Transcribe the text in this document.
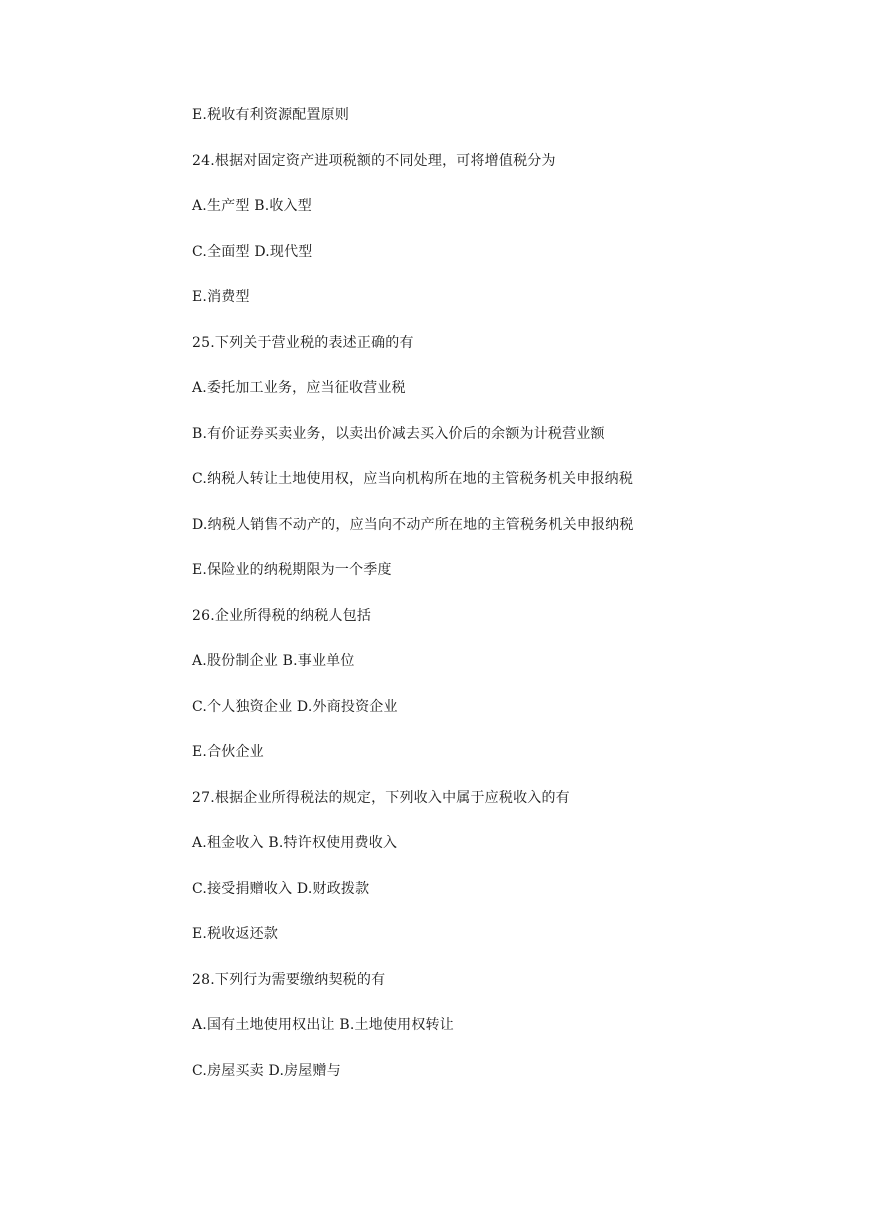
E.税收有利资源配置原则
24.根据对固定资产进项税额的不同处理，可将增值税分为
A.生产型 B.收入型
C.全面型 D.现代型
E.消费型
25.下列关于营业税的表述正确的有
A.委托加工业务，应当征收营业税
B.有价证券买卖业务，以卖出价减去买入价后的余额为计税营业额
C.纳税人转让土地使用权，应当向机构所在地的主管税务机关申报纳税
D.纳税人销售不动产的，应当向不动产所在地的主管税务机关申报纳税
E.保险业的纳税期限为一个季度
26.企业所得税的纳税人包括
A.股份制企业 B.事业单位
C.个人独资企业 D.外商投资企业
E.合伙企业
27.根据企业所得税法的规定，下列收入中属于应税收入的有
A.租金收入 B.特许权使用费收入
C.接受捐赠收入 D.财政拨款
E.税收返还款
28.下列行为需要缴纳契税的有
A.国有土地使用权出让 B.土地使用权转让
C.房屋买卖 D.房屋赠与
